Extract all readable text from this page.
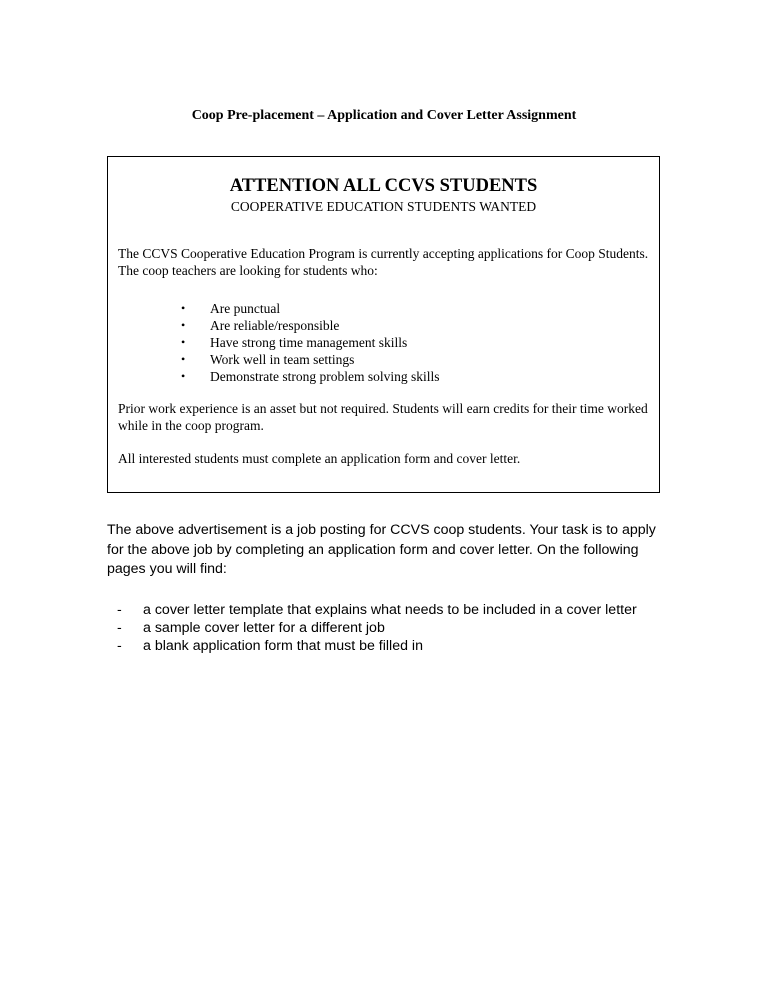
Coop Pre-placement – Application and Cover Letter Assignment

ATTENTION ALL CCVS STUDENTS

COOPERATIVE EDUCATION STUDENTS WANTED

The CCVS Cooperative Education Program is currently accepting applications for Coop Students. The coop teachers are looking for students who:

• Are punctual
• Are reliable/responsible
• Have strong time management skills
• Work well in team settings
• Demonstrate strong problem solving skills

Prior work experience is an asset but not required. Students will earn credits for their time worked while in the coop program.

All interested students must complete an application form and cover letter.

The above advertisement is a job posting for CCVS coop students. Your task is to apply for the above job by completing an application form and cover letter. On the following pages you will find:

- a cover letter template that explains what needs to be included in a cover letter
- a sample cover letter for a different job
- a blank application form that must be filled in
